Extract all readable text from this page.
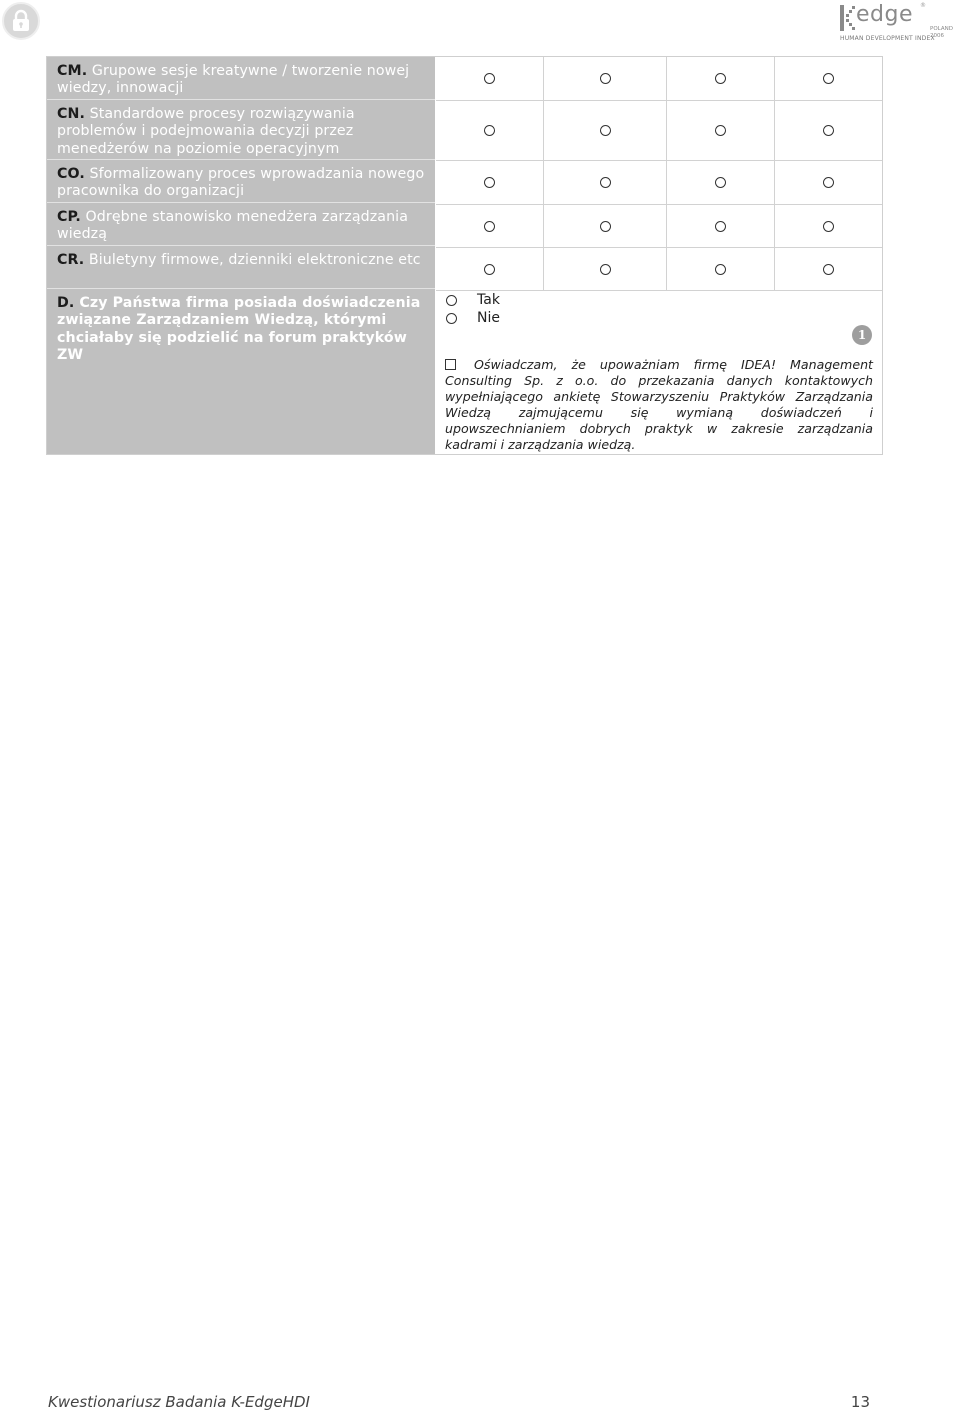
edge ®
HUMAN DEVELOPMENT INDEX
POLAND
2006
CM. Grupowe sesje kreatywne / tworzenie nowej wiedzy, innowacji
CN. Standardowe procesy rozwiązywania problemów i podejmowania decyzji przez menedżerów na poziomie operacyjnym
CO. Sformalizowany proces wprowadzania nowego pracownika do organizacji
CP. Odrębne stanowisko menedżera zarządzania wiedzą
CR. Biuletyny firmowe, dzienniki elektroniczne etc
D. Czy Państwa firma posiada doświadczenia związane Zarządzaniem Wiedzą, którymi chciałaby się podzielić na forum praktyków ZW
Tak
Nie
1
Oświadczam, że upoważniam firmę IDEA! Management Consulting Sp. z o.o. do przekazania danych kontaktowych wypełniającego ankietę Stowarzyszeniu Praktyków Zarządzania Wiedzą zajmującemu się wymianą doświadczeń i upowszechnianiem dobrych praktyk w zakresie zarządzania kadrami i zarządzania wiedzą.
Kwestionariusz Badania K-EdgeHDI	13
